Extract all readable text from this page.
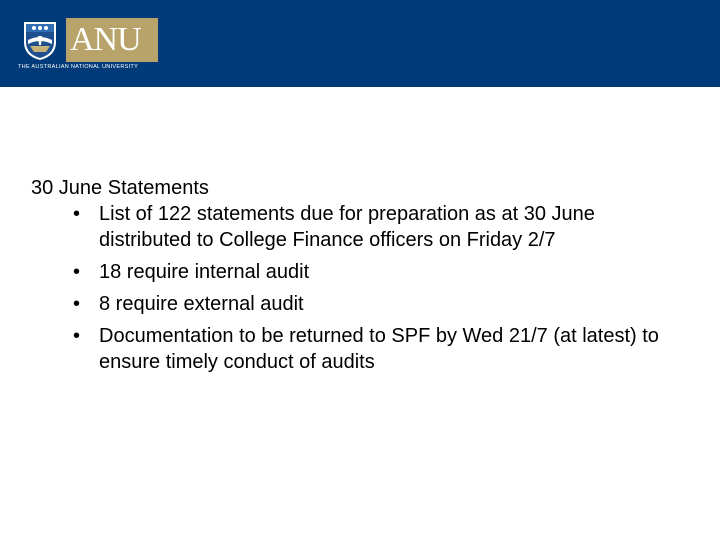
ANU
THE AUSTRALIAN NATIONAL UNIVERSITY
30 June Statements
• List of 122 statements due for preparation as at 30 June distributed to College Finance officers on Friday 2/7
• 18 require internal audit
• 8 require external audit
• Documentation to be returned to SPF by Wed 21/7 (at latest) to ensure timely conduct of audits
